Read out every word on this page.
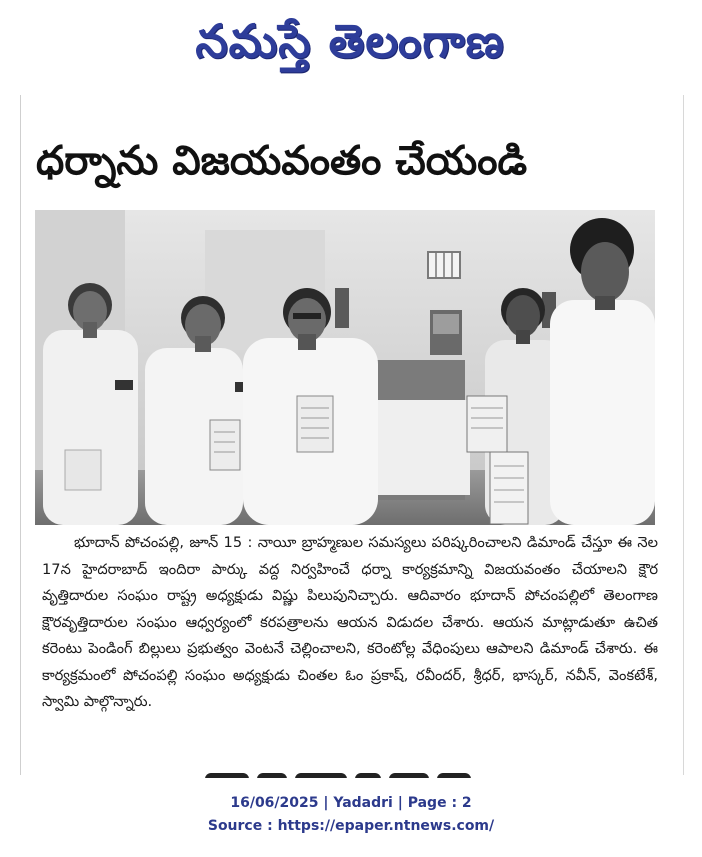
నమస్తే తెలంగాణ
ధర్నాను విజయవంతం చేయండి
భూదాన్ పోచంపల్లి, జూన్ 15 : నాయీ బ్రాహ్మణుల సమస్యలు పరిష్కరించాలని డిమాండ్ చేస్తూ ఈ నెల 17న హైదరాబాద్ ఇందిరా పార్కు వద్ద నిర్వహించే ధర్నా కార్యక్రమాన్ని విజయవంతం చేయాలని క్షౌర వృత్తిదారుల సంఘం రాష్ట్ర అధ్యక్షుడు విష్ణు పిలుపునిచ్చారు. ఆదివారం భూదాన్ పోచంపల్లిలో తెలంగాణ క్షౌరవృత్తిదారుల సంఘం ఆధ్వర్యంలో కరపత్రాలను ఆయన విడుదల చేశారు. ఆయన మాట్లాడుతూ ఉచిత కరెంటు పెండింగ్ బిల్లులు ప్రభుత్వం వెంటనే చెల్లించాలని, కరెంటోల్ల వేధింపులు ఆపాలని డిమాండ్ చేశారు. ఈ కార్యక్రమంలో పోచంపల్లి సంఘం అధ్యక్షుడు చింతల ఓం ప్రకాష్, రవీందర్, శ్రీధర్, భాస్కర్, నవీన్, వెంకటేశ్, స్వామి పాల్గొన్నారు.
16/06/2025 | Yadadri | Page : 2
Source : https://epaper.ntnews.com/
